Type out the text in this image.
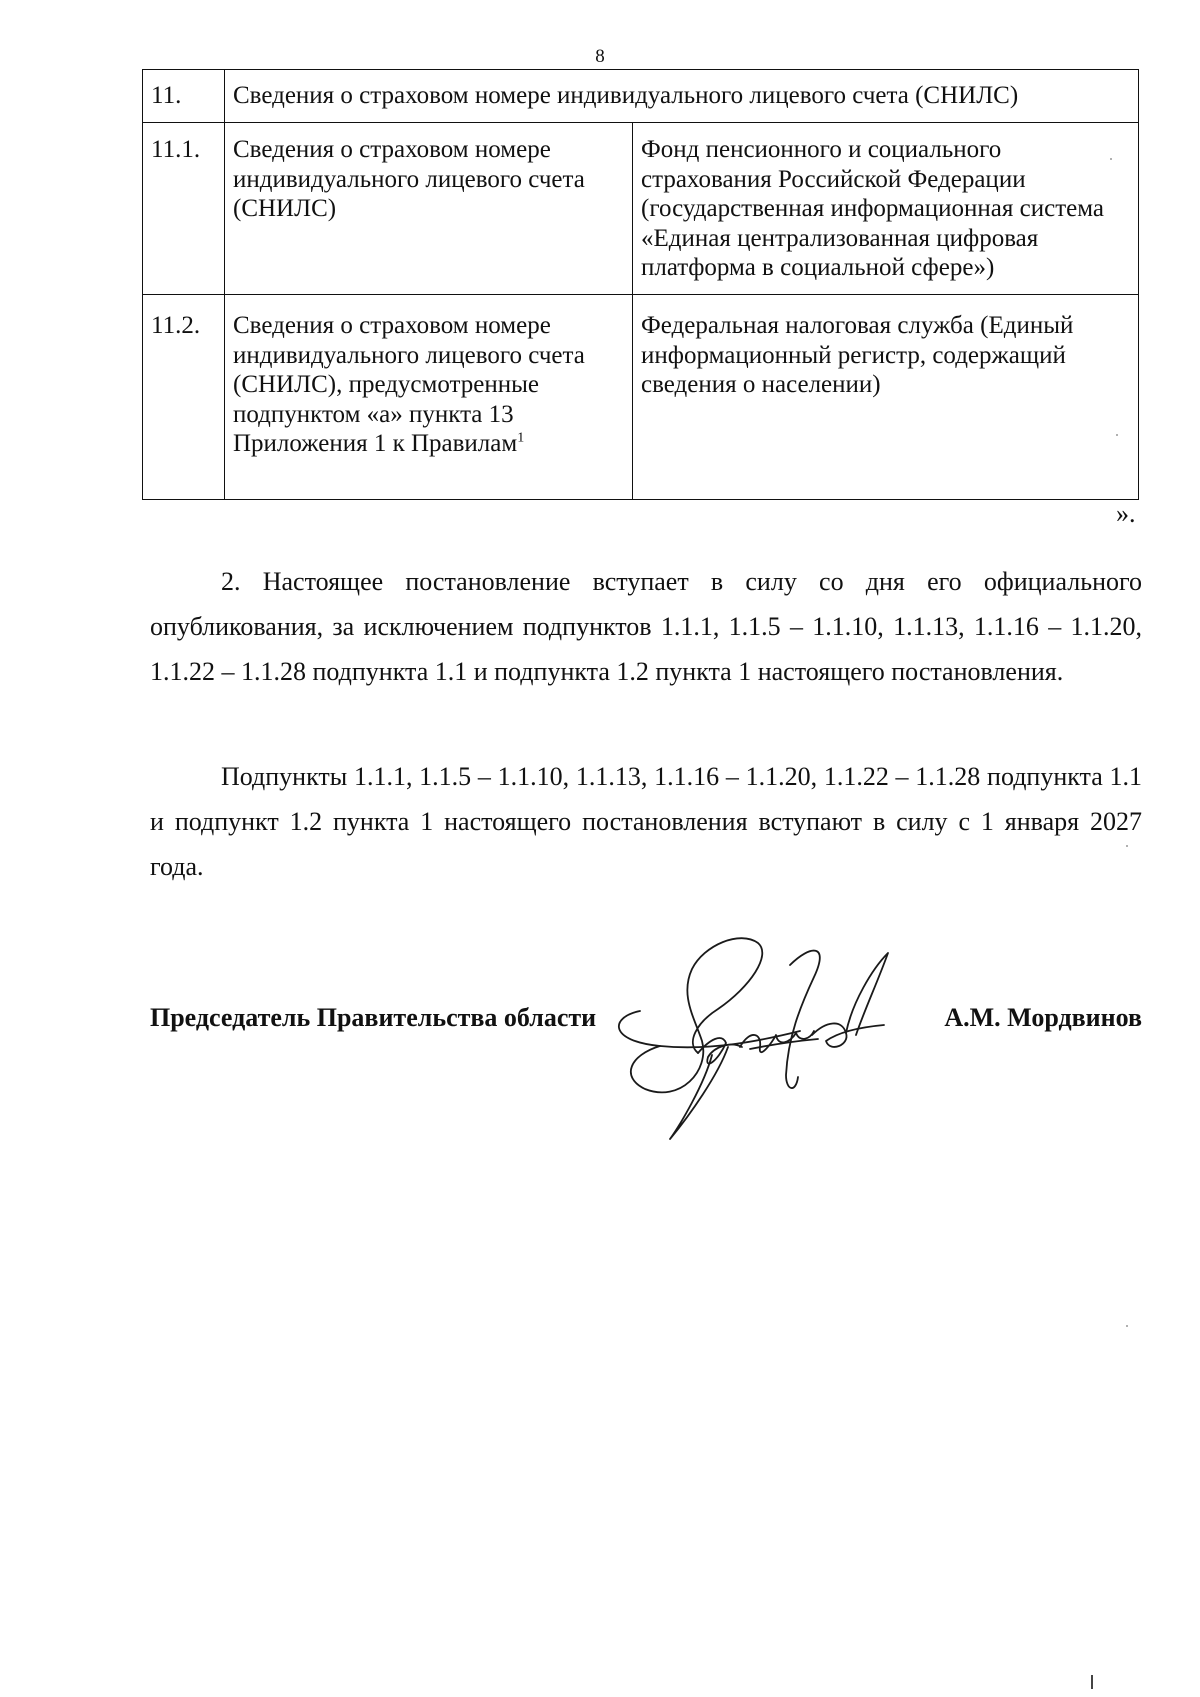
8
11.	Сведения о страховом номере индивидуального лицевого счета (СНИЛС)	
11.1.	Сведения о страховом номере индивидуального лицевого счета (СНИЛС)	Фонд пенсионного и социального страхования Российской Федерации (государственная информационная система «Единая централизованная цифровая платформа в социальной сфере»)
11.2.	Сведения о страховом номере индивидуального лицевого счета (СНИЛС), предусмотренные подпунктом «а» пункта 13 Приложения 1 к Правилам$^1$	Федеральная налоговая служба (Единый информационный регистр, содержащий сведения о населении)
».

2. Настоящее постановление вступает в силу со дня его официального опубликования, за исключением подпунктов 1.1.1, 1.1.5 – 1.1.10, 1.1.13, 1.1.16 – 1.1.20, 1.1.22 – 1.1.28 подпункта 1.1 и подпункта 1.2 пункта 1 настоящего постановления.

Подпункты 1.1.1, 1.1.5 – 1.1.10, 1.1.13, 1.1.16 – 1.1.20, 1.1.22 – 1.1.28 подпункта 1.1 и подпункт 1.2 пункта 1 настоящего постановления вступают в силу с 1 января 2027 года.

Председатель Правительства области	А.М. Мордвинов
